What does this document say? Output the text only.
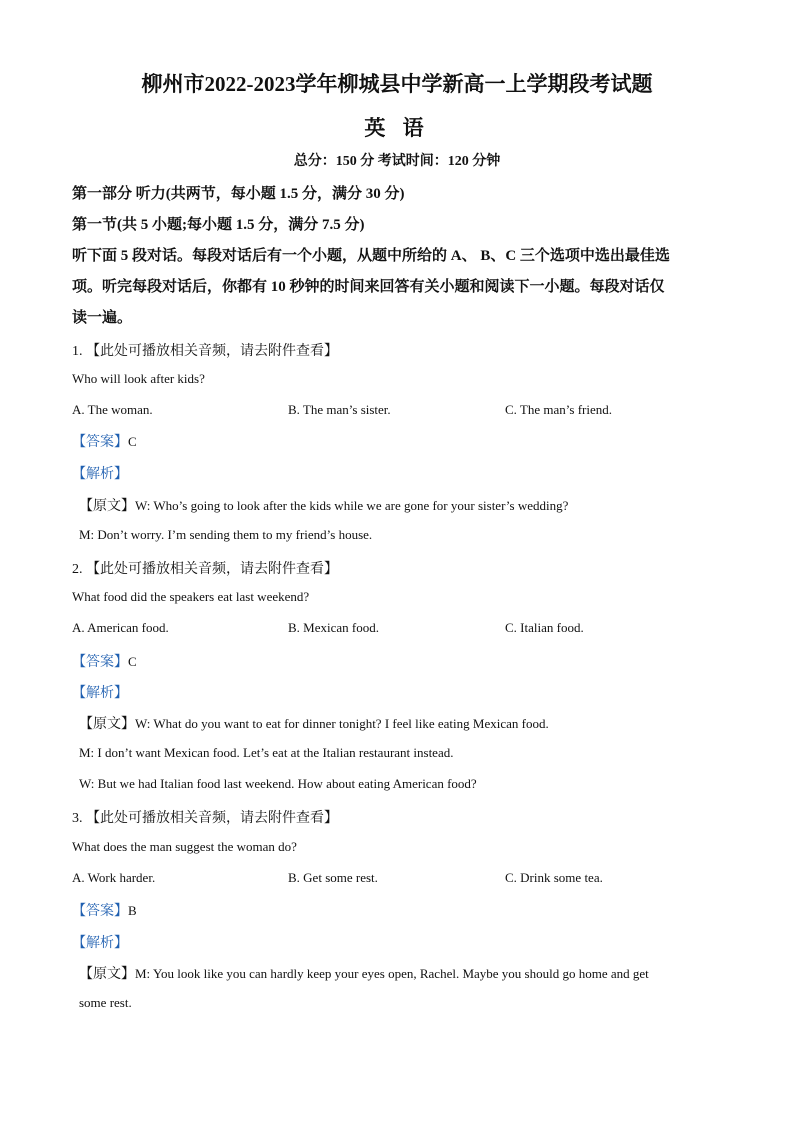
柳州市2022-2023学年柳城县中学新高一上学期段考试题
英 语
总分：150 分 考试时间：120 分钟
第一部分 听力(共两节，每小题 1.5 分，满分 30 分)
第一节(共 5 小题;每小题 1.5 分，满分 7.5 分)
听下面 5 段对话。每段对话后有一个小题，从题中所给的 A、 B、C 三个选项中选出最佳选
项。听完每段对话后，你都有 10 秒钟的时间来回答有关小题和阅读下一小题。每段对话仅
读一遍。
1. 【此处可播放相关音频，请去附件查看】
Who will look after kids?
A. The woman.	B. The man’s sister.	C. The man’s friend.
【答案】C
【解析】
【原文】W: Who’s going to look after the kids while we are gone for your sister’s wedding?
M: Don’t worry. I’m sending them to my friend’s house.
2. 【此处可播放相关音频，请去附件查看】
What food did the speakers eat last weekend?
A. American food.	B. Mexican food.	C. Italian food.
【答案】C
【解析】
【原文】W: What do you want to eat for dinner tonight? I feel like eating Mexican food.
M: I don’t want Mexican food. Let’s eat at the Italian restaurant instead.
W: But we had Italian food last weekend. How about eating American food?
3. 【此处可播放相关音频，请去附件查看】
What does the man suggest the woman do?
A. Work harder.	B. Get some rest.	C. Drink some tea.
【答案】B
【解析】
【原文】M: You look like you can hardly keep your eyes open, Rachel. Maybe you should go home and get
some rest.
